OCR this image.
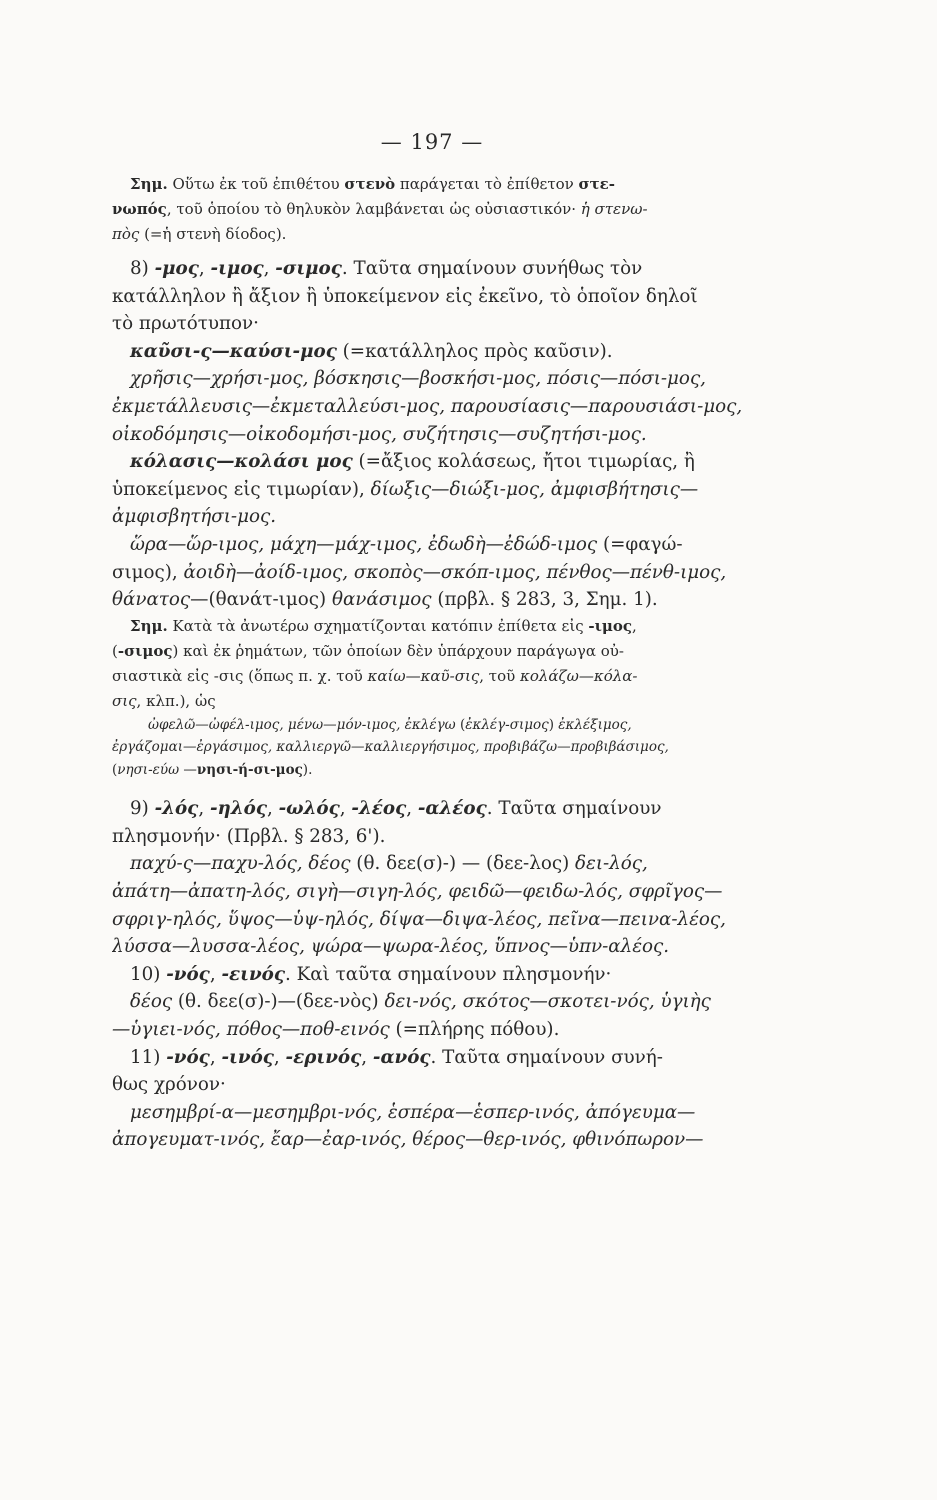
— 197 —
Σημ. Οὕτω ἐκ τοῦ ἐπιθέτου στενὸ παράγεται τὸ ἐπίθετον στε-
νωπός, τοῦ ὁποίου τὸ θηλυκὸν λαμβάνεται ὡς οὐσιαστικόν· ἡ στενω-
πὸς (=ἡ στενὴ δίοδος).
8) -μος, -ιμος, -σιμος. Ταῦτα σημαίνουν συνήθως τὸν
κατάλληλον ἢ ἄξιον ἢ ὑποκείμενον εἰς ἐκεῖνο, τὸ ὁποῖον δηλοῖ
τὸ πρωτότυπον·
καῦσι-ς—καύσι-μος (=κατάλληλος πρὸς καῦσιν).
χρῆσις—χρήσι-μος, βόσκησις—βοσκήσι-μος, πόσις—πόσι-μος,
ἐκμετάλλευσις—ἐκμεταλλεύσι-μος, παρουσίασις—παρουσιάσι-μος,
οἰκοδόμησις—οἰκοδομήσι-μος, συζήτησις—συζητήσι-μος.
κόλασις—κολάσι μος (=ἄξιος κολάσεως, ἤτοι τιμωρίας, ἢ
ὑποκείμενος εἰς τιμωρίαν), δίωξις—διώξι-μος, ἀμφισβήτησις—
ἀμφισβητήσι-μος.
ὥρα—ὥρ-ιμος, μάχη—μάχ-ιμος, ἐδωδὴ—ἐδώδ-ιμος (=φαγώ-
σιμος), ἀοιδὴ—ἀοίδ-ιμος, σκοπὸς—σκόπ-ιμος, πένθος—πένθ-ιμος,
θάνατος—(θανάτ-ιμος) θανάσιμος (πρβλ. § 283, 3, Σημ. 1).
Σημ. Κατὰ τὰ ἀνωτέρω σχηματίζονται κατόπιν ἐπίθετα εἰς -ιμος,
(-σιμος) καὶ ἐκ ῥημάτων, τῶν ὁποίων δὲν ὑπάρχουν παράγωγα οὐ-
σιαστικὰ εἰς -σις (ὅπως π. χ. τοῦ καίω—καῦ-σις, τοῦ κολάζω—κόλα-
σις, κλπ.), ὡς
ὠφελῶ—ὠφέλ-ιμος, μένω—μόν-ιμος, ἐκλέγω (ἐκλέγ-σιμος) ἐκλέξιμος,
ἐργάζομαι—ἐργάσιμος, καλλιεργῶ—καλλιεργήσιμος, προβιβάζω—προβιβάσιμος,
(νησι-εύω —νησι-ή-σι-μος).
9) -λός, -ηλός, -ωλός, -λέος, -αλέος. Ταῦτα σημαίνουν
πλησμονήν· (Πρβλ. § 283, 6').
παχύ-ς—παχυ-λός, δέος (θ. δεε(σ)-) — (δεε-λος) δει-λός,
ἀπάτη—ἀπατη-λός, σιγὴ—σιγη-λός, φειδῶ—φειδω-λός, σφρῖγος—
σφριγ-ηλός, ὕψος—ὑψ-ηλός, δίψα—διψα-λέος, πεῖνα—πεινα-λέος,
λύσσα—λυσσα-λέος, ψώρα—ψωρα-λέος, ὕπνος—ὑπν-αλέος.
10) -νός, -εινός. Καὶ ταῦτα σημαίνουν πλησμονήν·
δέος (θ. δεε(σ)-)—(δεε-νὸς) δει-νός, σκότος—σκοτει-νός, ὑγιὴς
—ὑγιει-νός, πόθος—ποθ-εινός (=πλήρης πόθου).
11) -νός, -ινός, -ερινός, -ανός. Ταῦτα σημαίνουν συνή-
θως χρόνον·
μεσημβρί-α—μεσημβρι-νός, ἑσπέρα—ἑσπερ-ινός, ἀπόγευμα—
ἀπογευματ-ινός, ἔαρ—ἐαρ-ινός, θέρος—θερ-ινός, φθινόπωρον—
